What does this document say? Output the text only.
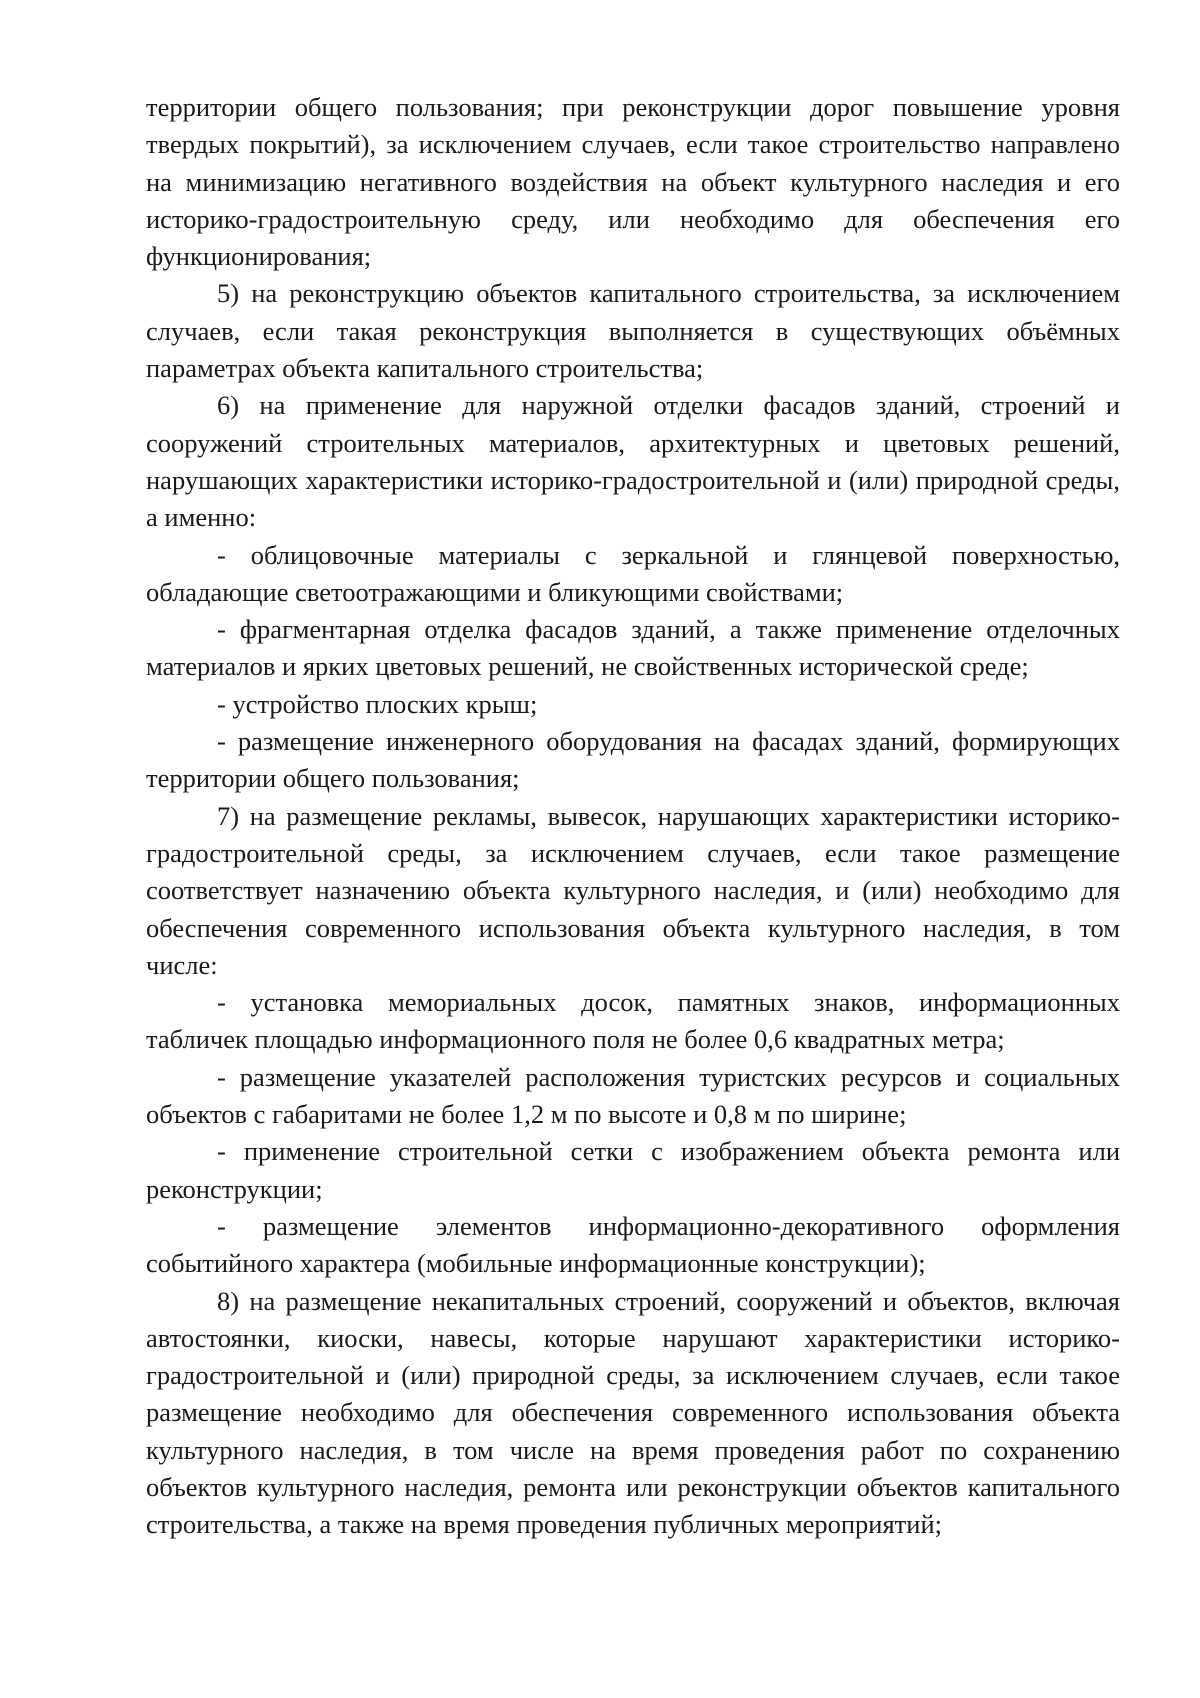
территории общего пользования; при реконструкции дорог повышение уровня твердых покрытий), за исключением случаев, если такое строительство направлено на минимизацию негативного воздействия на объект культурного наследия и его историко-градостроительную среду, или необходимо для обеспечения его функционирования;

5) на реконструкцию объектов капитального строительства, за исключением случаев, если такая реконструкция выполняется в существующих объёмных параметрах объекта капитального строительства;

6) на применение для наружной отделки фасадов зданий, строений и сооружений строительных материалов, архитектурных и цветовых решений, нарушающих характеристики историко-градостроительной и (или) природной среды, а именно:

- облицовочные материалы с зеркальной и глянцевой поверхностью, обладающие светоотражающими и бликующими свойствами;

- фрагментарная отделка фасадов зданий, а также применение отделочных материалов и ярких цветовых решений, не свойственных исторической среде;

- устройство плоских крыш;

- размещение инженерного оборудования на фасадах зданий, формирующих территории общего пользования;

7) на размещение рекламы, вывесок, нарушающих характеристики историко-градостроительной среды, за исключением случаев, если такое размещение соответствует назначению объекта культурного наследия, и (или) необходимо для обеспечения современного использования объекта культурного наследия, в том числе:

- установка мемориальных досок, памятных знаков, информационных табличек площадью информационного поля не более 0,6 квадратных метра;

- размещение указателей расположения туристских ресурсов и социальных объектов с габаритами не более 1,2 м по высоте и 0,8 м по ширине;

- применение строительной сетки с изображением объекта ремонта или реконструкции;

- размещение элементов информационно-декоративного оформления событийного характера (мобильные информационные конструкции);

8) на размещение некапитальных строений, сооружений и объектов, включая автостоянки, киоски, навесы, которые нарушают характеристики историко-градостроительной и (или) природной среды, за исключением случаев, если такое размещение необходимо для обеспечения современного использования объекта культурного наследия, в том числе на время проведения работ по сохранению объектов культурного наследия, ремонта или реконструкции объектов капитального строительства, а также на время проведения публичных мероприятий;
